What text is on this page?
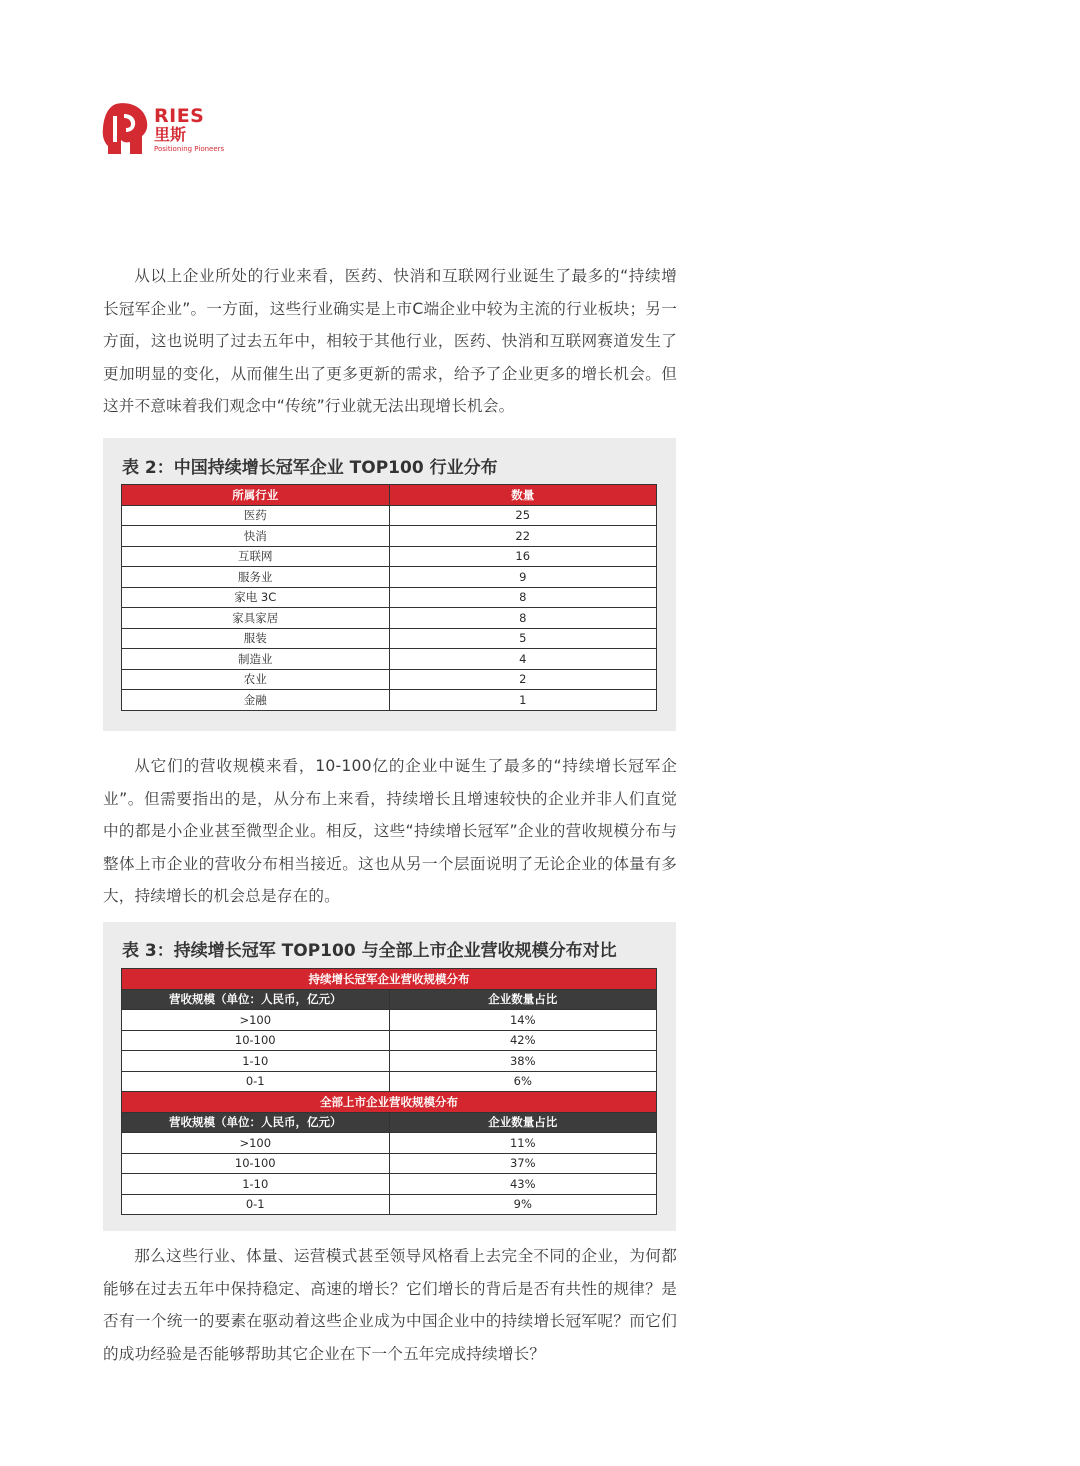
RIES
里斯
Positioning Pioneers

从以上企业所处的行业来看，医药、快消和互联网行业诞生了最多的“持续增长冠军企业”。一方面，这些行业确实是上市C端企业中较为主流的行业板块；另一方面，这也说明了过去五年中，相较于其他行业，医药、快消和互联网赛道发生了更加明显的变化，从而催生出了更多更新的需求，给予了企业更多的增长机会。但这并不意味着我们观念中“传统”行业就无法出现增长机会。

表 2：中国持续增长冠军企业 TOP100 行业分布
所属行业	数量
医药	25
快消	22
互联网	16
服务业	9
家电 3C	8
家具家居	8
服装	5
制造业	4
农业	2
金融	1

从它们的营收规模来看，10-100亿的企业中诞生了最多的“持续增长冠军企业”。但需要指出的是，从分布上来看，持续增长且增速较快的企业并非人们直觉中的都是小企业甚至微型企业。相反，这些“持续增长冠军”企业的营收规模分布与整体上市企业的营收分布相当接近。这也从另一个层面说明了无论企业的体量有多大，持续增长的机会总是存在的。

表 3：持续增长冠军 TOP100 与全部上市企业营收规模分布对比
持续增长冠军企业营收规模分布	
营收规模（单位：人民币，亿元）	企业数量占比
>100	14%
10-100	42%
1-10	38%
0-1	6%
全部上市企业营收规模分布	
营收规模（单位：人民币，亿元）	企业数量占比
>100	11%
10-100	37%
1-10	43%
0-1	9%

那么这些行业、体量、运营模式甚至领导风格看上去完全不同的企业，为何都能够在过去五年中保持稳定、高速的增长？它们增长的背后是否有共性的规律？是否有一个统一的要素在驱动着这些企业成为中国企业中的持续增长冠军呢？而它们的成功经验是否能够帮助其它企业在下一个五年完成持续增长？
